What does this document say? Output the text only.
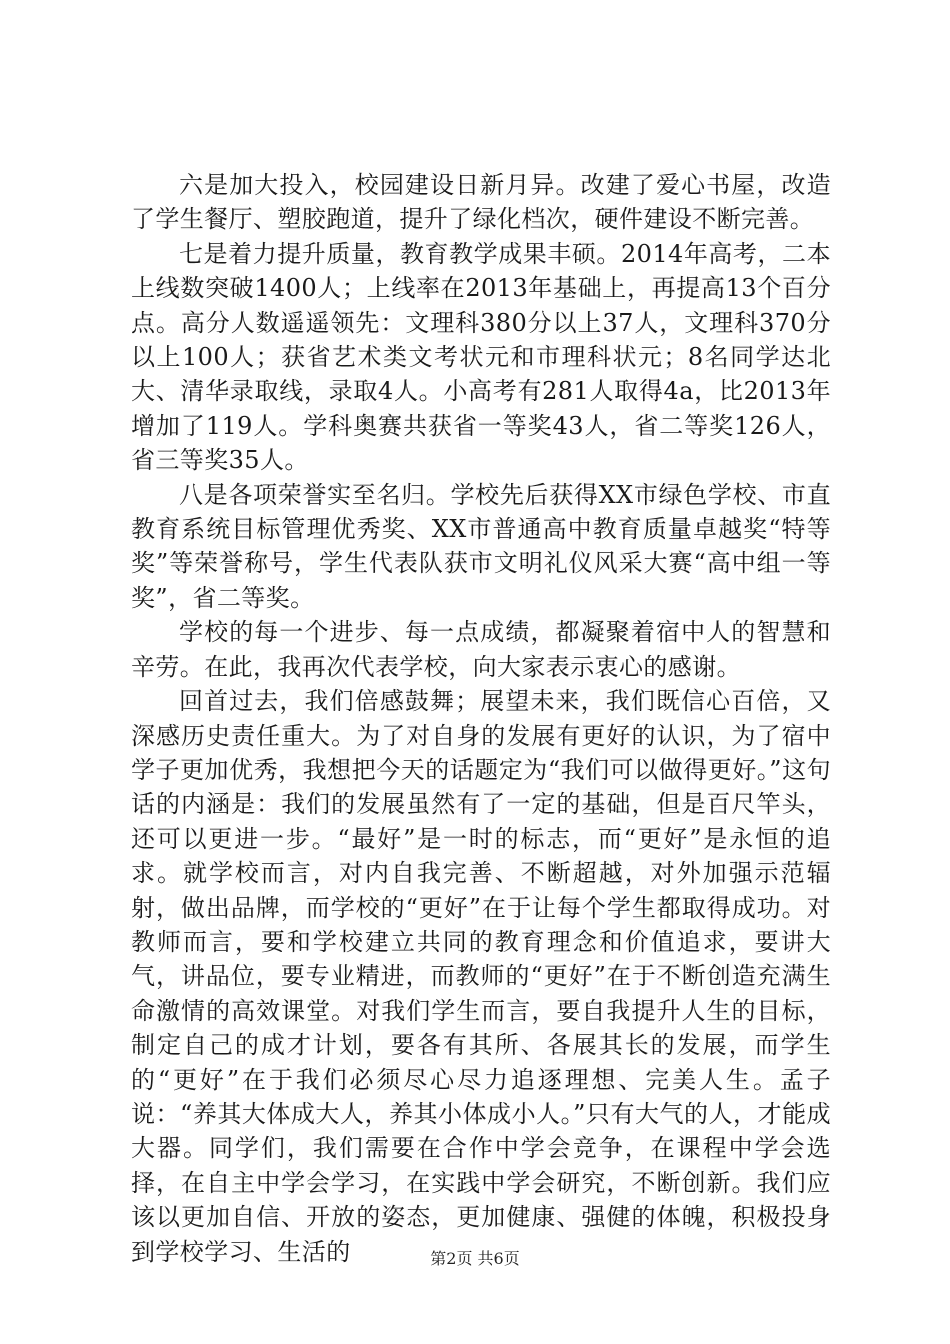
六是加大投入，校园建设日新月异。改建了爱心书屋，改造了学生餐厅、塑胶跑道，提升了绿化档次，硬件建设不断完善。

七是着力提升质量，教育教学成果丰硕。2014年高考，二本上线数突破1400人；上线率在2013年基础上，再提高13个百分点。高分人数遥遥领先：文理科380分以上37人，文理科370分以上100人；获省艺术类文考状元和市理科状元；8名同学达北大、清华录取线，录取4人。小高考有281人取得4a，比2013年增加了119人。学科奥赛共获省一等奖43人，省二等奖126人，省三等奖35人。

八是各项荣誉实至名归。学校先后获得XX市绿色学校、市直教育系统目标管理优秀奖、XX市普通高中教育质量卓越奖“特等奖”等荣誉称号，学生代表队获市文明礼仪风采大赛“高中组一等奖”，省二等奖。

学校的每一个进步、每一点成绩，都凝聚着宿中人的智慧和辛劳。在此，我再次代表学校，向大家表示衷心的感谢。

回首过去，我们倍感鼓舞；展望未来，我们既信心百倍，又深感历史责任重大。为了对自身的发展有更好的认识，为了宿中学子更加优秀，我想把今天的话题定为“我们可以做得更好。”这句话的内涵是：我们的发展虽然有了一定的基础，但是百尺竿头，还可以更进一步。“最好”是一时的标志，而“更好”是永恒的追求。就学校而言，对内自我完善、不断超越，对外加强示范辐射，做出品牌，而学校的“更好”在于让每个学生都取得成功。对教师而言，要和学校建立共同的教育理念和价值追求，要讲大气，讲品位，要专业精进，而教师的“更好”在于不断创造充满生命激情的高效课堂。对我们学生而言，要自我提升人生的目标，制定自己的成才计划，要各有其所、各展其长的发展，而学生的“更好”在于我们必须尽心尽力追逐理想、完美人生。孟子说：“养其大体成大人，养其小体成小人。”只有大气的人，才能成大器。同学们，我们需要在合作中学会竞争，在课程中学会选择，在自主中学会学习，在实践中学会研究，不断创新。我们应该以更加自信、开放的姿态，更加健康、强健的体魄，积极投身到学校学习、生活的	第2页 共6页
